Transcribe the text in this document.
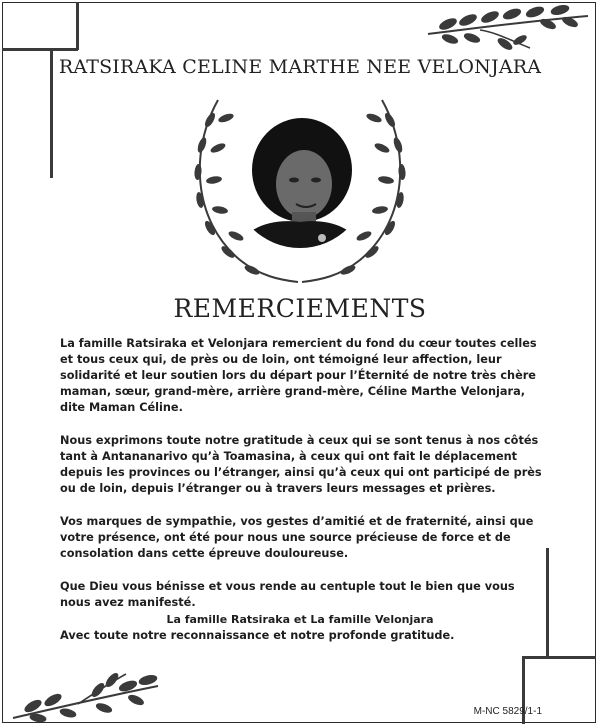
RATSIRAKA CELINE MARTHE NEE VELONJARA
REMERCIEMENTS

La famille Ratsiraka et Velonjara remercient du fond du cœur toutes celles et tous ceux qui, de près ou de loin, ont témoigné leur affection, leur solidarité et leur soutien lors du départ pour l’Éternité de notre très chère maman, sœur, grand-mère, arrière grand-mère, Céline Marthe Velonjara, dite Maman Céline.

Nous exprimons toute notre gratitude à ceux qui se sont tenus à nos côtés tant à Antananarivo qu’à Toamasina, à ceux qui ont fait le déplacement depuis les provinces ou l’étranger, ainsi qu’à ceux qui ont participé de près ou de loin, depuis l’étranger ou à travers leurs messages et prières.

Vos marques de sympathie, vos gestes d’amitié et de fraternité, ainsi que votre présence, ont été pour nous une source précieuse de force et de consolation dans cette épreuve douloureuse.

Que Dieu vous bénisse et vous rende au centuple tout le bien que vous nous avez manifesté.

Avec toute notre reconnaissance et notre profonde gratitude.

La famille Ratsiraka et La famille Velonjara
M-NC 5829/1-1
